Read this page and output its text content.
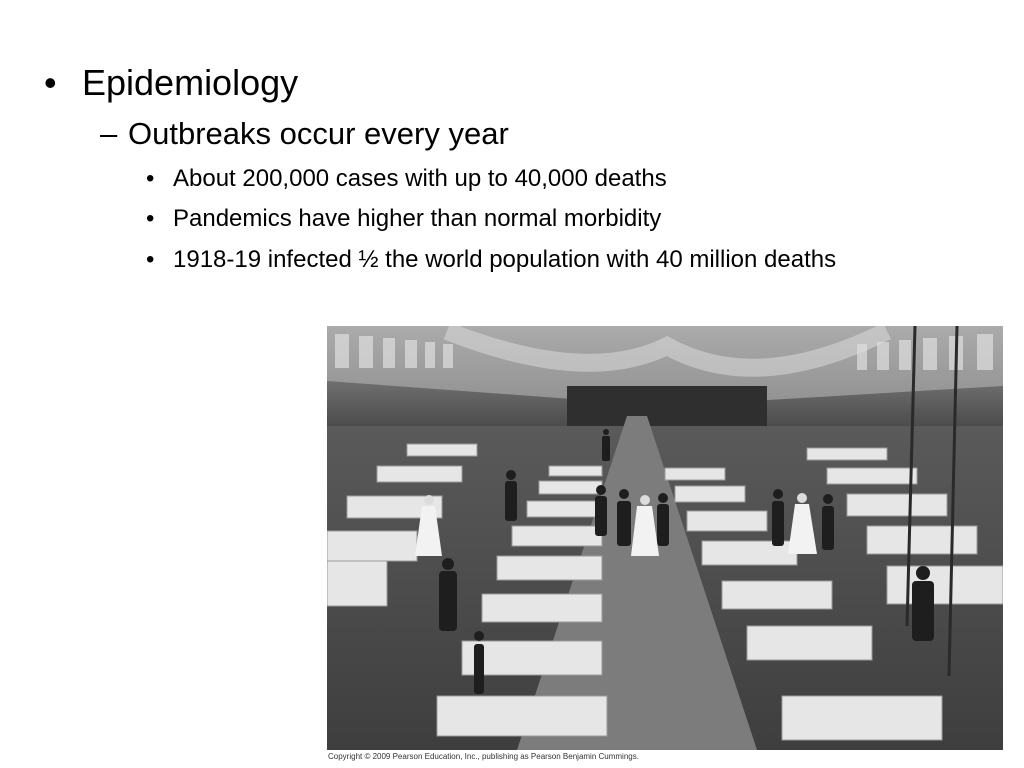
• Epidemiology
– Outbreaks occur every year
• About 200,000 cases with up to 40,000 deaths
• Pandemics have higher than normal morbidity
• 1918-19 infected ½ the world population with 40 million deaths
Copyright © 2009 Pearson Education, Inc., publishing as Pearson Benjamin Cummings.
